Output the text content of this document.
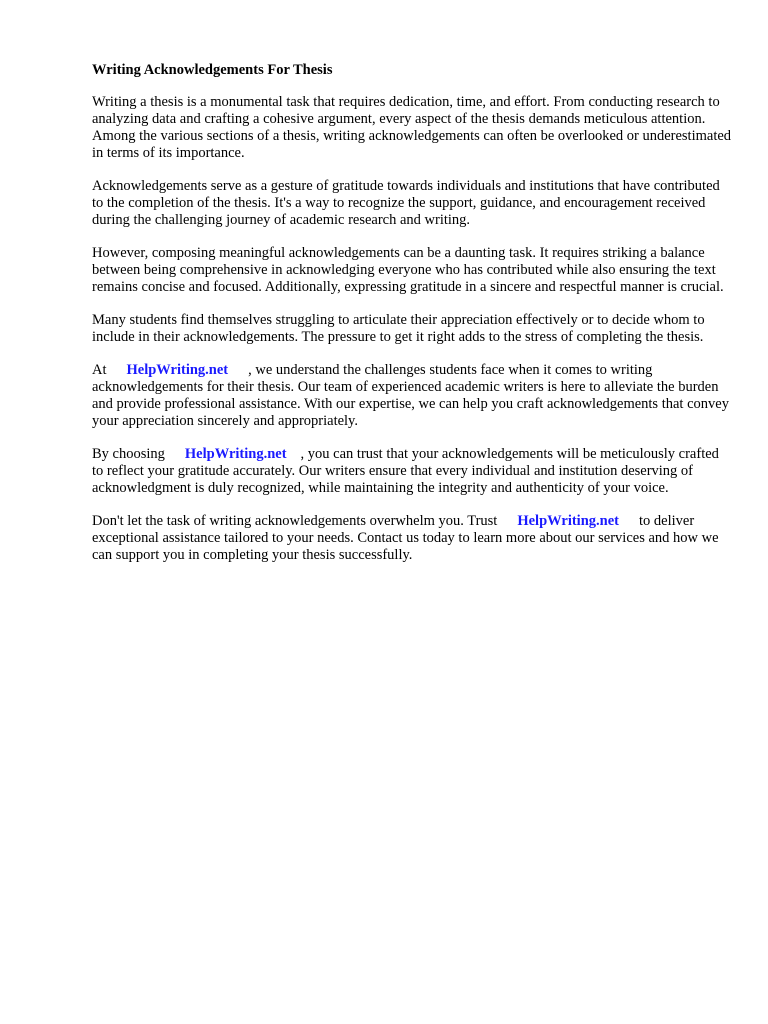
Writing Acknowledgements For Thesis

Writing a thesis is a monumental task that requires dedication, time, and effort. From conducting research to analyzing data and crafting a cohesive argument, every aspect of the thesis demands meticulous attention. Among the various sections of a thesis, writing acknowledgements can often be overlooked or underestimated in terms of its importance.

Acknowledgements serve as a gesture of gratitude towards individuals and institutions that have contributed to the completion of the thesis. It's a way to recognize the support, guidance, and encouragement received during the challenging journey of academic research and writing.

However, composing meaningful acknowledgements can be a daunting task. It requires striking a balance between being comprehensive in acknowledging everyone who has contributed while also ensuring the text remains concise and focused. Additionally, expressing gratitude in a sincere and respectful manner is crucial.

Many students find themselves struggling to articulate their appreciation effectively or to decide whom to include in their acknowledgements. The pressure to get it right adds to the stress of completing the thesis.

At HelpWriting.net , we understand the challenges students face when it comes to writing acknowledgements for their thesis. Our team of experienced academic writers is here to alleviate the burden and provide professional assistance. With our expertise, we can help you craft acknowledgements that convey your appreciation sincerely and appropriately.

By choosing HelpWriting.net , you can trust that your acknowledgements will be meticulously crafted to reflect your gratitude accurately. Our writers ensure that every individual and institution deserving of acknowledgment is duly recognized, while maintaining the integrity and authenticity of your voice.

Don't let the task of writing acknowledgements overwhelm you. Trust HelpWriting.net to deliver exceptional assistance tailored to your needs. Contact us today to learn more about our services and how we can support you in completing your thesis successfully.
